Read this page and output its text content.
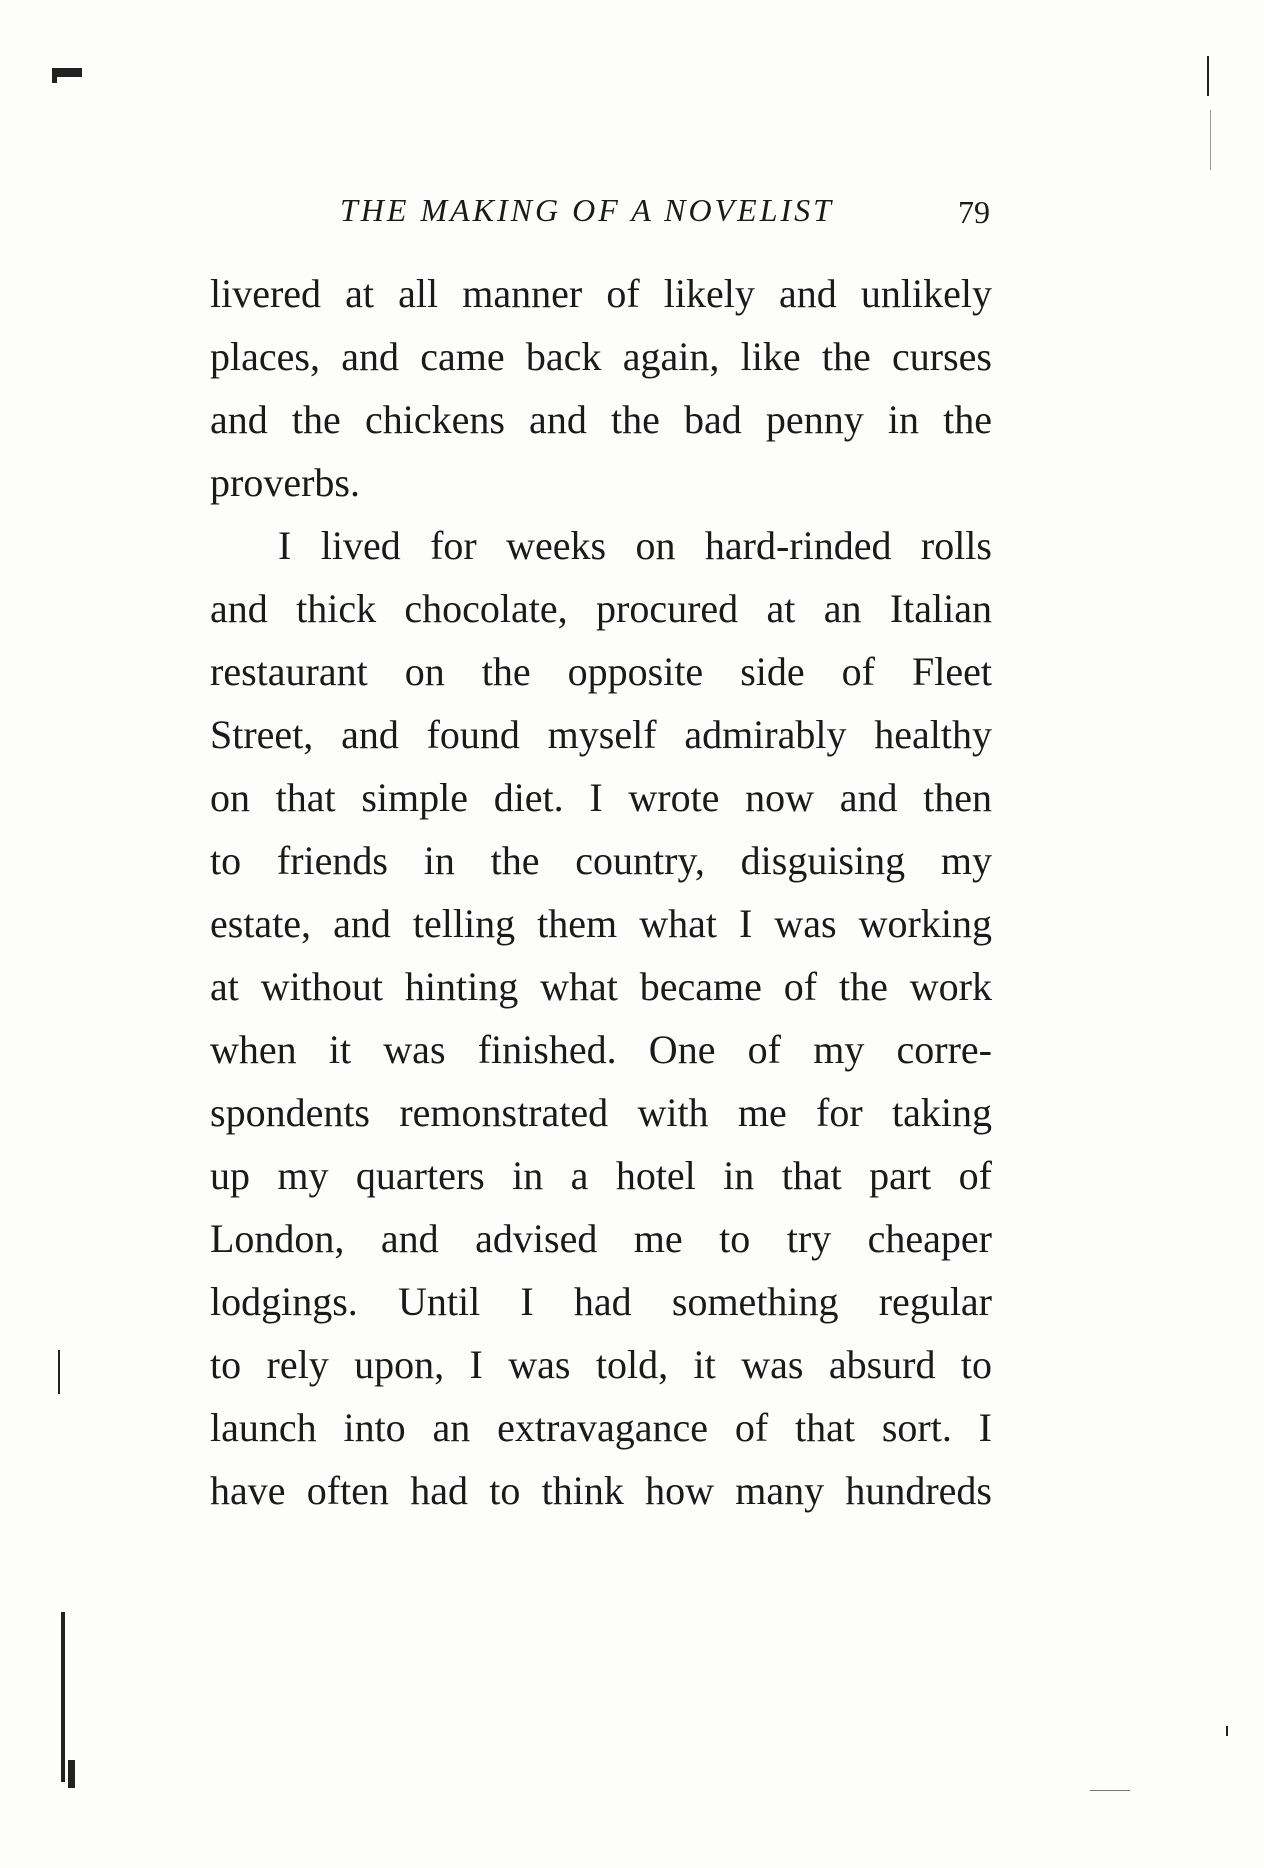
THE MAKING OF A NOVELIST	79
livered at all manner of likely and unlikely
places, and came back again, like the curses
and the chickens and the bad penny in the
proverbs.
I lived for weeks on hard-rinded rolls
and thick chocolate, procured at an Italian
restaurant on the opposite side of Fleet
Street, and found myself admirably healthy
on that simple diet. I wrote now and then
to friends in the country, disguising my
estate, and telling them what I was working
at without hinting what became of the work
when it was finished. One of my corre-
spondents remonstrated with me for taking
up my quarters in a hotel in that part of
London, and advised me to try cheaper
lodgings. Until I had something regular
to rely upon, I was told, it was absurd to
launch into an extravagance of that sort. I
have often had to think how many hundreds
